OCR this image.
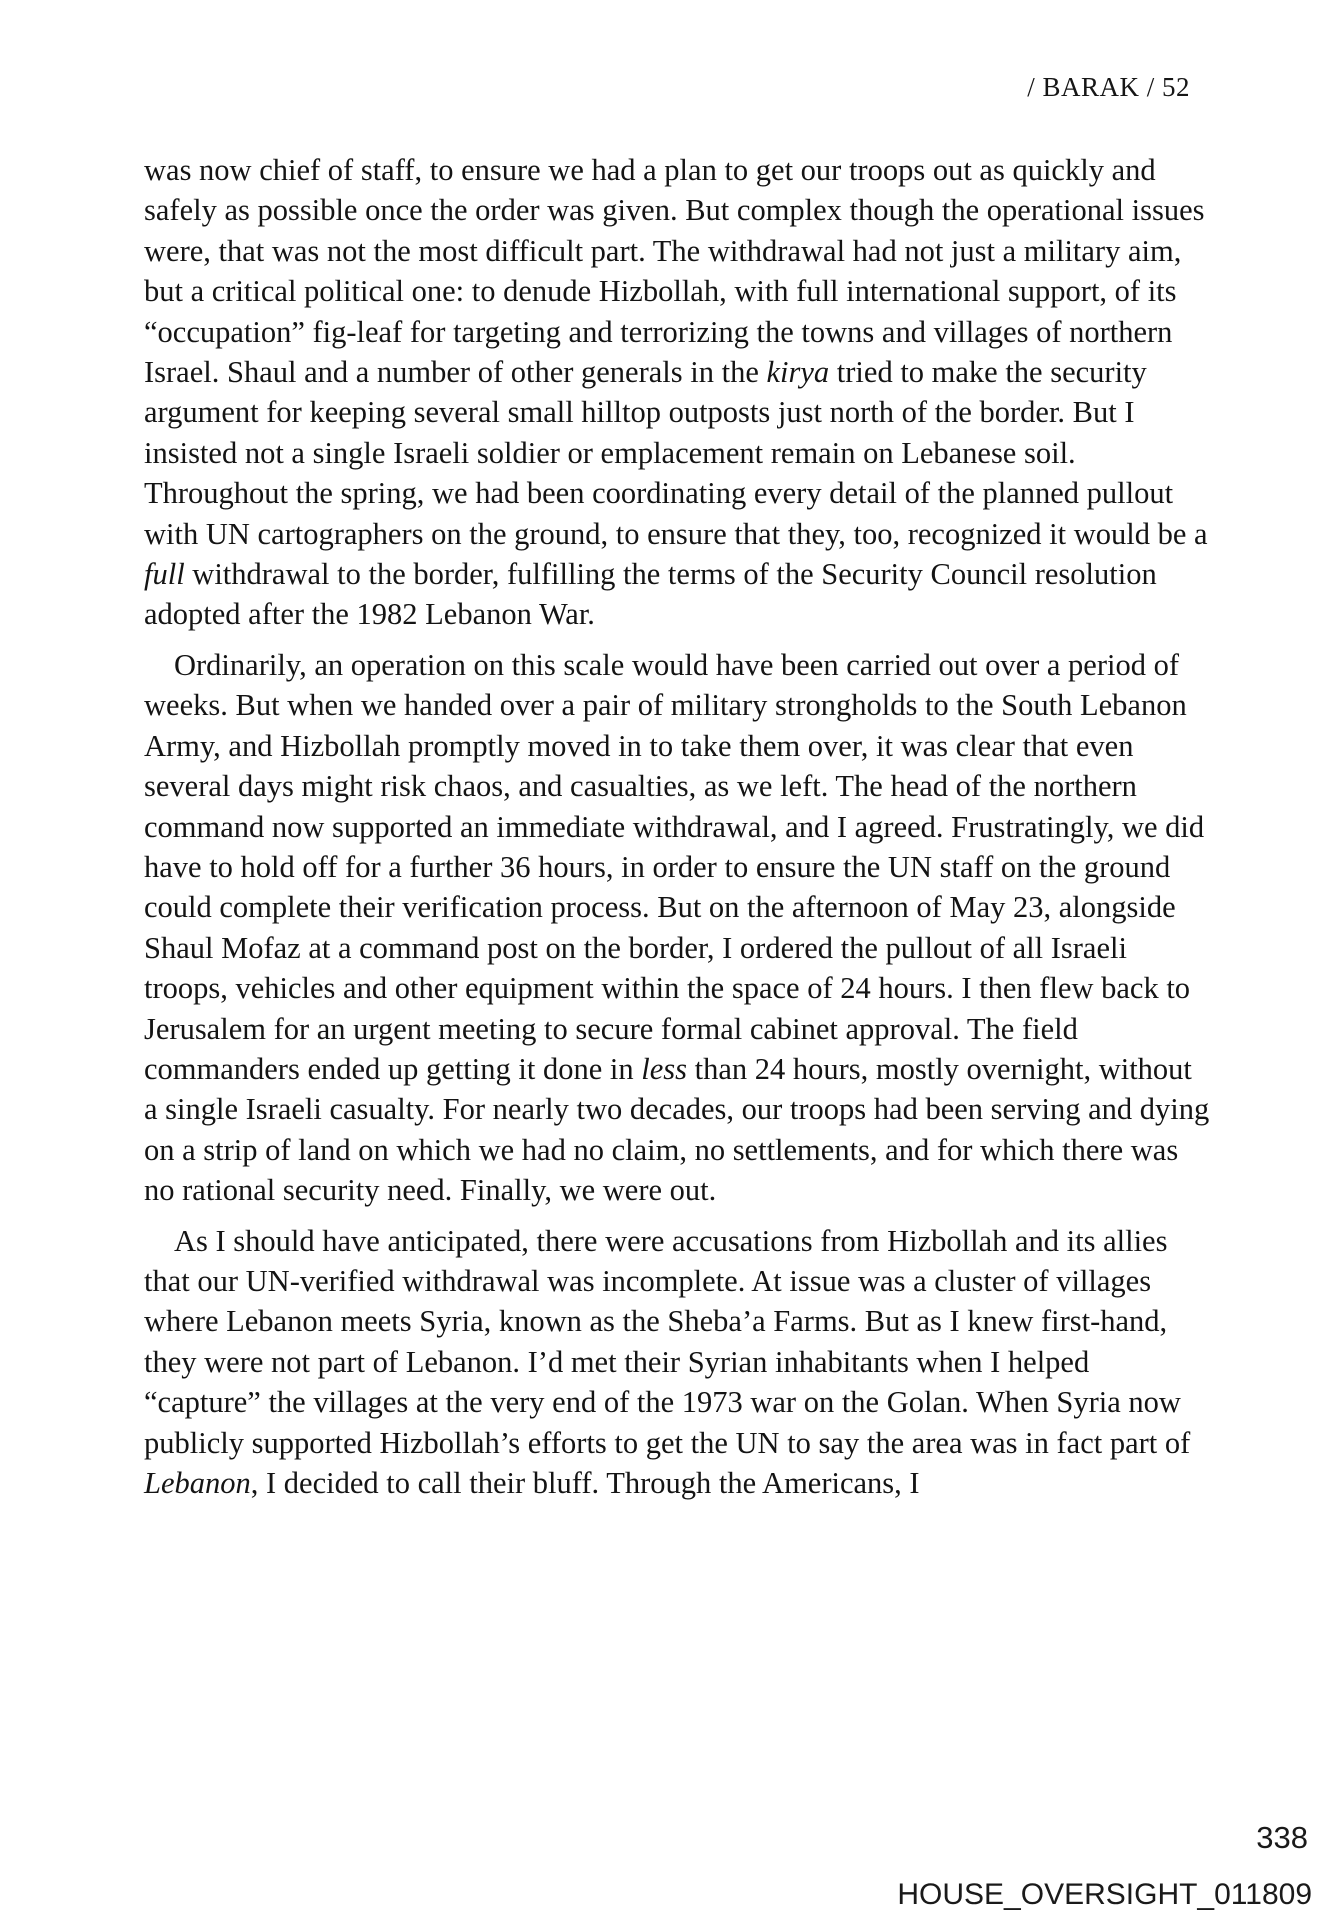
/ BARAK / 52

was now chief of staff, to ensure we had a plan to get our troops out as quickly and safely as possible once the order was given. But complex though the operational issues were, that was not the most difficult part. The withdrawal had not just a military aim, but a critical political one: to denude Hizbollah, with full international support, of its “occupation” fig-leaf for targeting and terrorizing the towns and villages of northern Israel. Shaul and a number of other generals in the kirya tried to make the security argument for keeping several small hilltop outposts just north of the border. But I insisted not a single Israeli soldier or emplacement remain on Lebanese soil. Throughout the spring, we had been coordinating every detail of the planned pullout with UN cartographers on the ground, to ensure that they, too, recognized it would be a full withdrawal to the border, fulfilling the terms of the Security Council resolution adopted after the 1982 Lebanon War.

Ordinarily, an operation on this scale would have been carried out over a period of weeks. But when we handed over a pair of military strongholds to the South Lebanon Army, and Hizbollah promptly moved in to take them over, it was clear that even several days might risk chaos, and casualties, as we left. The head of the northern command now supported an immediate withdrawal, and I agreed. Frustratingly, we did have to hold off for a further 36 hours, in order to ensure the UN staff on the ground could complete their verification process. But on the afternoon of May 23, alongside Shaul Mofaz at a command post on the border, I ordered the pullout of all Israeli troops, vehicles and other equipment within the space of 24 hours. I then flew back to Jerusalem for an urgent meeting to secure formal cabinet approval. The field commanders ended up getting it done in less than 24 hours, mostly overnight, without a single Israeli casualty. For nearly two decades, our troops had been serving and dying on a strip of land on which we had no claim, no settlements, and for which there was no rational security need. Finally, we were out.

As I should have anticipated, there were accusations from Hizbollah and its allies that our UN-verified withdrawal was incomplete. At issue was a cluster of villages where Lebanon meets Syria, known as the Sheba’a Farms. But as I knew first-hand, they were not part of Lebanon. I’d met their Syrian inhabitants when I helped “capture” the villages at the very end of the 1973 war on the Golan. When Syria now publicly supported Hizbollah’s efforts to get the UN to say the area was in fact part of Lebanon, I decided to call their bluff. Through the Americans, I

338
HOUSE_OVERSIGHT_011809
